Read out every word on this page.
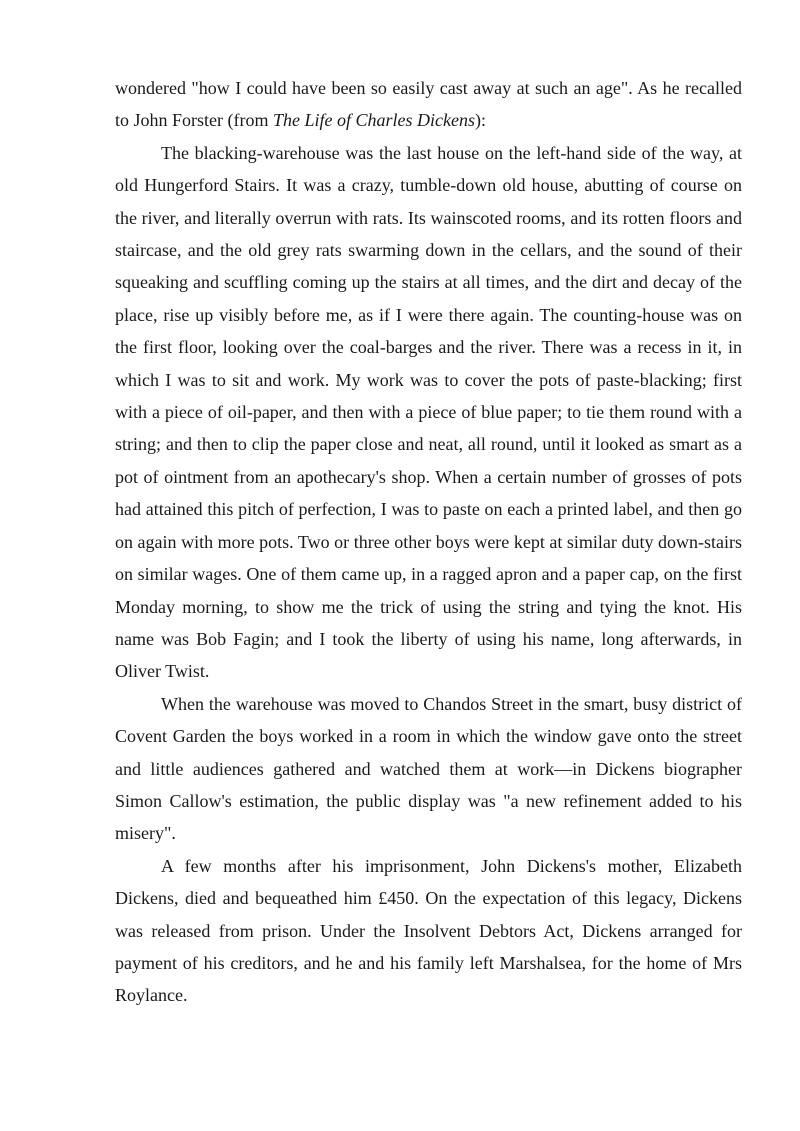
wondered "how I could have been so easily cast away at such an age". As he recalled to John Forster (from The Life of Charles Dickens):

The blacking-warehouse was the last house on the left-hand side of the way, at old Hungerford Stairs. It was a crazy, tumble-down old house, abutting of course on the river, and literally overrun with rats. Its wainscoted rooms, and its rotten floors and staircase, and the old grey rats swarming down in the cellars, and the sound of their squeaking and scuffling coming up the stairs at all times, and the dirt and decay of the place, rise up visibly before me, as if I were there again. The counting-house was on the first floor, looking over the coal-barges and the river. There was a recess in it, in which I was to sit and work. My work was to cover the pots of paste-blacking; first with a piece of oil-paper, and then with a piece of blue paper; to tie them round with a string; and then to clip the paper close and neat, all round, until it looked as smart as a pot of ointment from an apothecary's shop. When a certain number of grosses of pots had attained this pitch of perfection, I was to paste on each a printed label, and then go on again with more pots. Two or three other boys were kept at similar duty down-stairs on similar wages. One of them came up, in a ragged apron and a paper cap, on the first Monday morning, to show me the trick of using the string and tying the knot. His name was Bob Fagin; and I took the liberty of using his name, long afterwards, in Oliver Twist.

When the warehouse was moved to Chandos Street in the smart, busy district of Covent Garden the boys worked in a room in which the window gave onto the street and little audiences gathered and watched them at work—in Dickens biographer Simon Callow's estimation, the public display was "a new refinement added to his misery".

A few months after his imprisonment, John Dickens's mother, Elizabeth Dickens, died and bequeathed him £450. On the expectation of this legacy, Dickens was released from prison. Under the Insolvent Debtors Act, Dickens arranged for payment of his creditors, and he and his family left Marshalsea, for the home of Mrs Roylance.
